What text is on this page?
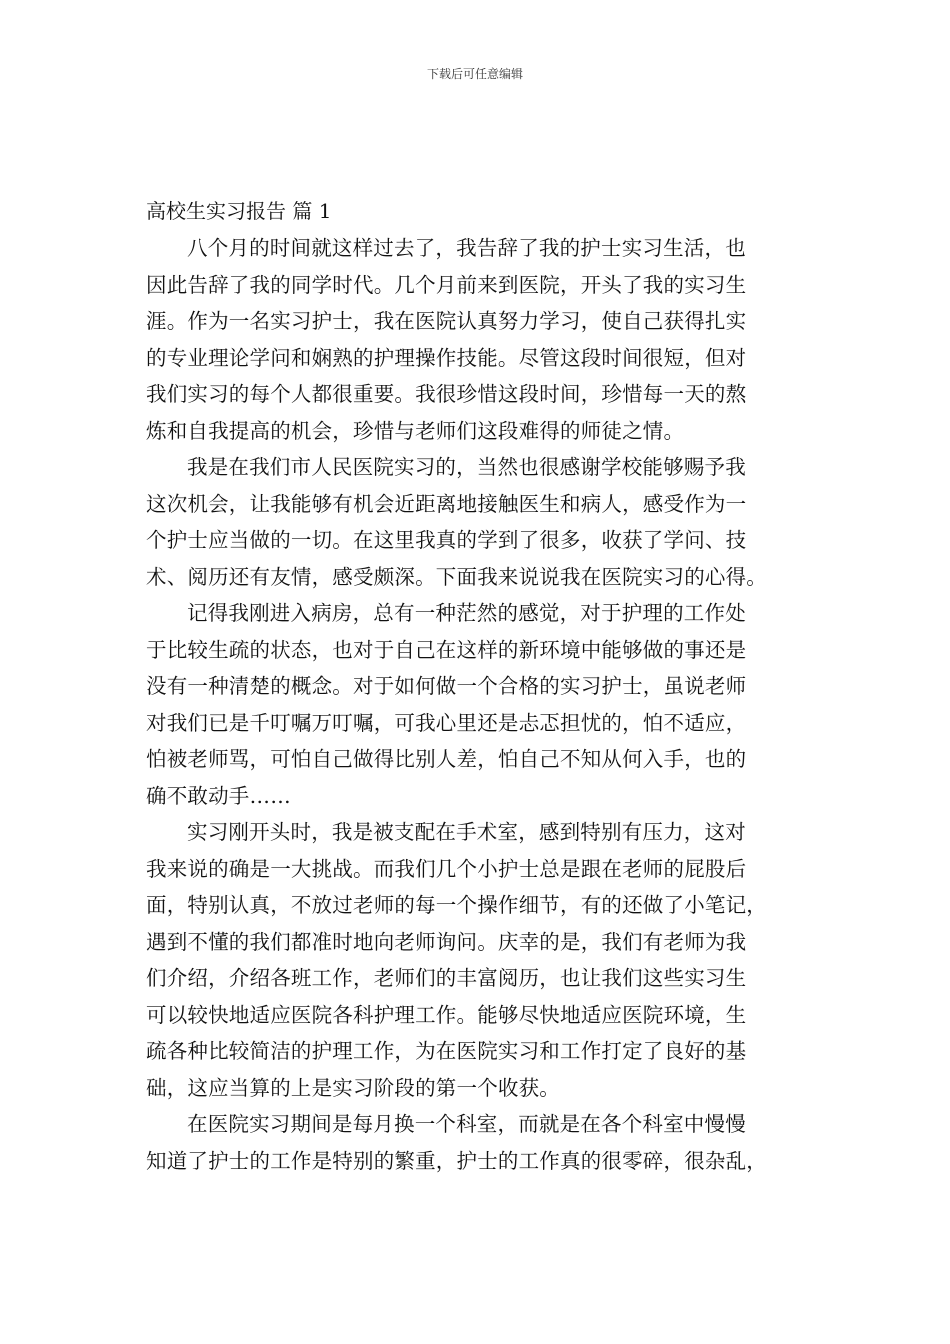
下载后可任意编辑
高校生实习报告 篇 1
八个月的时间就这样过去了，我告辞了我的护士实习生活，也
因此告辞了我的同学时代。几个月前来到医院，开头了我的实习生
涯。作为一名实习护士，我在医院认真努力学习，使自己获得扎实
的专业理论学问和娴熟的护理操作技能。尽管这段时间很短，但对
我们实习的每个人都很重要。我很珍惜这段时间，珍惜每一天的熬
炼和自我提高的机会，珍惜与老师们这段难得的师徒之情。
我是在我们市人民医院实习的，当然也很感谢学校能够赐予我
这次机会，让我能够有机会近距离地接触医生和病人，感受作为一
个护士应当做的一切。在这里我真的学到了很多，收获了学问、技
术、阅历还有友情，感受颇深。下面我来说说我在医院实习的心得。
记得我刚进入病房，总有一种茫然的感觉，对于护理的工作处
于比较生疏的状态，也对于自己在这样的新环境中能够做的事还是
没有一种清楚的概念。对于如何做一个合格的实习护士，虽说老师
对我们已是千叮嘱万叮嘱，可我心里还是忐忑担忧的，怕不适应，
怕被老师骂，可怕自己做得比别人差，怕自己不知从何入手，也的
确不敢动手……
实习刚开头时，我是被支配在手术室，感到特别有压力，这对
我来说的确是一大挑战。而我们几个小护士总是跟在老师的屁股后
面，特别认真，不放过老师的每一个操作细节，有的还做了小笔记，
遇到不懂的我们都准时地向老师询问。庆幸的是，我们有老师为我
们介绍，介绍各班工作，老师们的丰富阅历，也让我们这些实习生
可以较快地适应医院各科护理工作。能够尽快地适应医院环境，生
疏各种比较简洁的护理工作，为在医院实习和工作打定了良好的基
础，这应当算的上是实习阶段的第一个收获。
在医院实习期间是每月换一个科室，而就是在各个科室中慢慢
知道了护士的工作是特别的繁重，护士的工作真的很零碎，很杂乱，
